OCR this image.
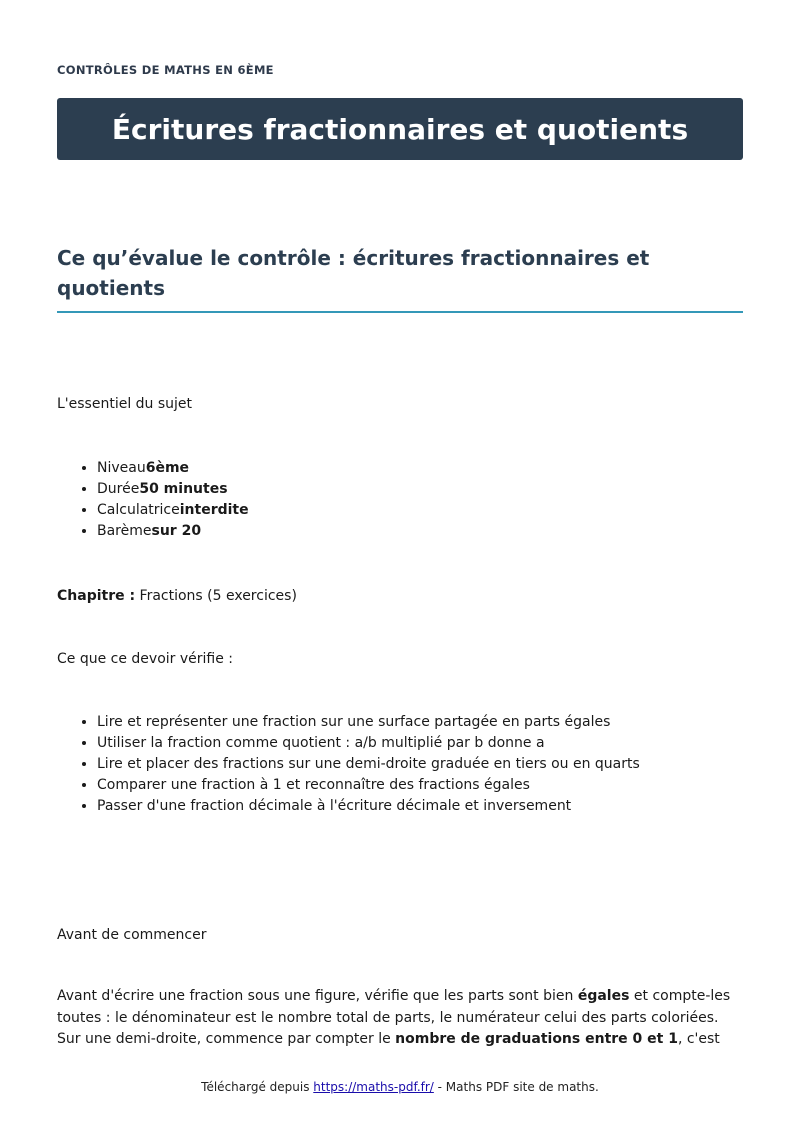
CONTRÔLES DE MATHS EN 6ÈME
Écritures fractionnaires et quotients
Ce qu’évalue le contrôle : écritures fractionnaires et quotients
L'essentiel du sujet
• Niveau6ème
• Durée50 minutes
• Calculatriceinterdite
• Barèmesur 20
Chapitre : Fractions (5 exercices)
Ce que ce devoir vérifie :
• Lire et représenter une fraction sur une surface partagée en parts égales
• Utiliser la fraction comme quotient : a/b multiplié par b donne a
• Lire et placer des fractions sur une demi-droite graduée en tiers ou en quarts
• Comparer une fraction à 1 et reconnaître des fractions égales
• Passer d'une fraction décimale à l'écriture décimale et inversement
Avant de commencer
Avant d'écrire une fraction sous une figure, vérifie que les parts sont bien égales et compte-les toutes : le dénominateur est le nombre total de parts, le numérateur celui des parts coloriées. Sur une demi-droite, commence par compter le nombre de graduations entre 0 et 1, c'est
Téléchargé depuis https://maths-pdf.fr/ - Maths PDF site de maths.
